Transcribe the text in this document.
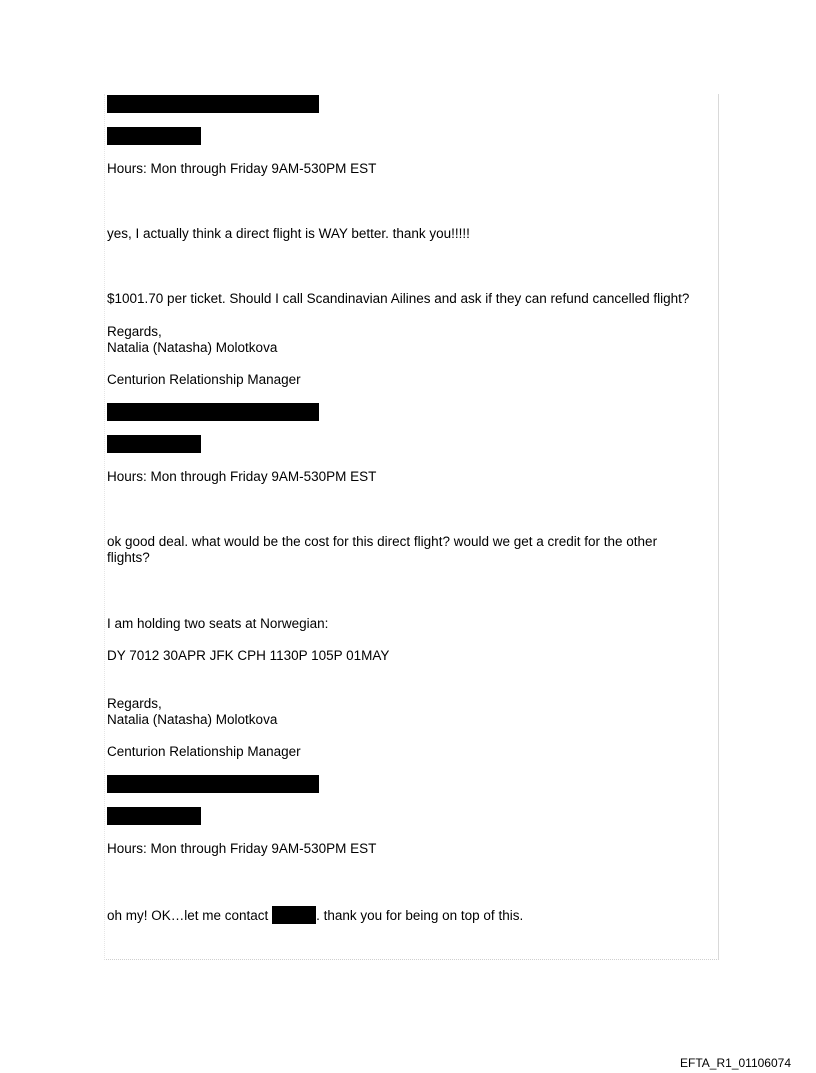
Hours: Mon through Friday 9AM-530PM EST
yes, I actually think a direct flight is WAY better. thank you!!!!!
$1001.70 per ticket. Should I call Scandinavian Ailines and ask if they can refund cancelled flight?
Regards,
Natalia (Natasha) Molotkova
Centurion Relationship Manager
Hours: Mon through Friday 9AM-530PM EST
ok good deal. what would be the cost for this direct flight? would we get a credit for the other
flights?
I am holding two seats at Norwegian:
DY 7012 30APR JFK CPH 1130P 105P 01MAY
Regards,
Natalia (Natasha) Molotkova
Centurion Relationship Manager
Hours: Mon through Friday 9AM-530PM EST
oh my! OK…let me contact	. thank you for being on top of this.
EFTA_R1_01106074
